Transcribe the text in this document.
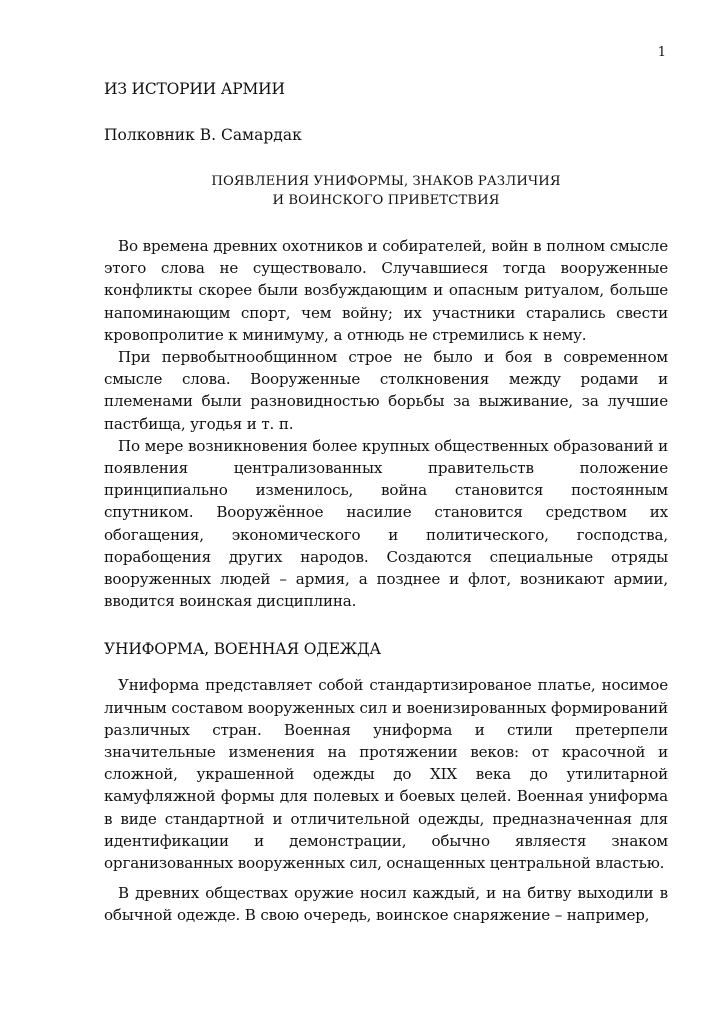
1

ИЗ ИСТОРИИ АРМИИ

Полковник В. Самардак

ПОЯВЛЕНИЯ УНИФОРМЫ, ЗНАКОВ РАЗЛИЧИЯ
И ВОИНСКОГО ПРИВЕТСТВИЯ

Во времена древних охотников и собирателей, войн в полном смысле этого слова не существовало. Случавшиеся тогда вооруженные конфликты скорее были возбуждающим и опасным ритуалом, больше напоминающим спорт, чем войну; их участники старались свести кровопролитие к минимуму, а отнюдь не стремились к нему.

При первобытнообщинном строе не было и боя в современном смысле слова. Вооруженные столкновения между родами и племенами были разновидностью борьбы за выживание, за лучшие пастбища, угодья и т. п.

По мере возникновения более крупных общественных образований и появления централизованных правительств положение принципиально изменилось, война становится постоянным спутником. Вооружённое насилие становится средством их обогащения, экономического и политического, господства, порабощения других народов. Создаются специальные отряды вооруженных людей – армия, а позднее и флот, возникают армии, вводится воинская дисциплина.

УНИФОРМА, ВОЕННАЯ ОДЕЖДА

Униформа представляет собой стандартизированое платье, носимое личным составом вооруженных сил и военизированных формирований различных стран. Военная униформа и стили претерпели значительные изменения на протяжении веков: от красочной и сложной, украшенной одежды до XIX века до утилитарной камуфляжной формы для полевых и боевых целей. Военная униформа в виде стандартной и отличительной одежды, предназначенная для идентификации и демонстрации, обычно являестя знаком организованных вооруженных сил, оснащенных центральной властью.

В древних обществах оружие носил каждый, и на битву выходили в обычной одежде. В свою очередь, воинское снаряжение – например,
